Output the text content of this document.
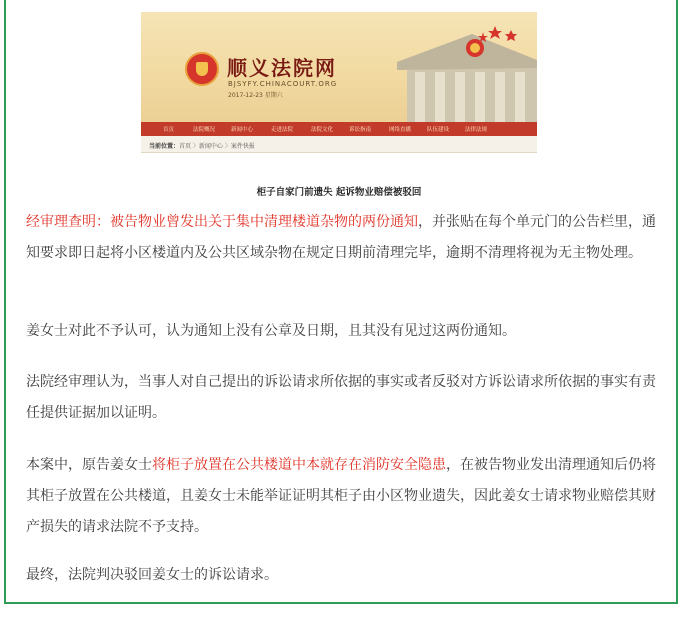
顺义法院网
BJSYFY.CHINACOURT.ORG
2017-12-23 星期六
首页	法院概况	新闻中心	走进法院	法院文化	诉讼指南	网络直播	队伍建设	法律法规
当前位置：首页 〉新闻中心 〉案件快报
柜子自家门前遗失 起诉物业赔偿被驳回
经审理查明：被告物业曾发出关于集中清理楼道杂物的两份通知，并张贴在每个单元门的公告栏里，通知要求即日起将小区楼道内及公共区域杂物在规定日期前清理完毕，逾期不清理将视为无主物处理。
姜女士对此不予认可，认为通知上没有公章及日期，且其没有见过这两份通知。
法院经审理认为，当事人对自己提出的诉讼请求所依据的事实或者反驳对方诉讼请求所依据的事实有责任提供证据加以证明。
本案中，原告姜女士将柜子放置在公共楼道中本就存在消防安全隐患，在被告物业发出清理通知后仍将其柜子放置在公共楼道，且姜女士未能举证证明其柜子由小区物业遗失，因此姜女士请求物业赔偿其财产损失的请求法院不予支持。
最终，法院判决驳回姜女士的诉讼请求。
